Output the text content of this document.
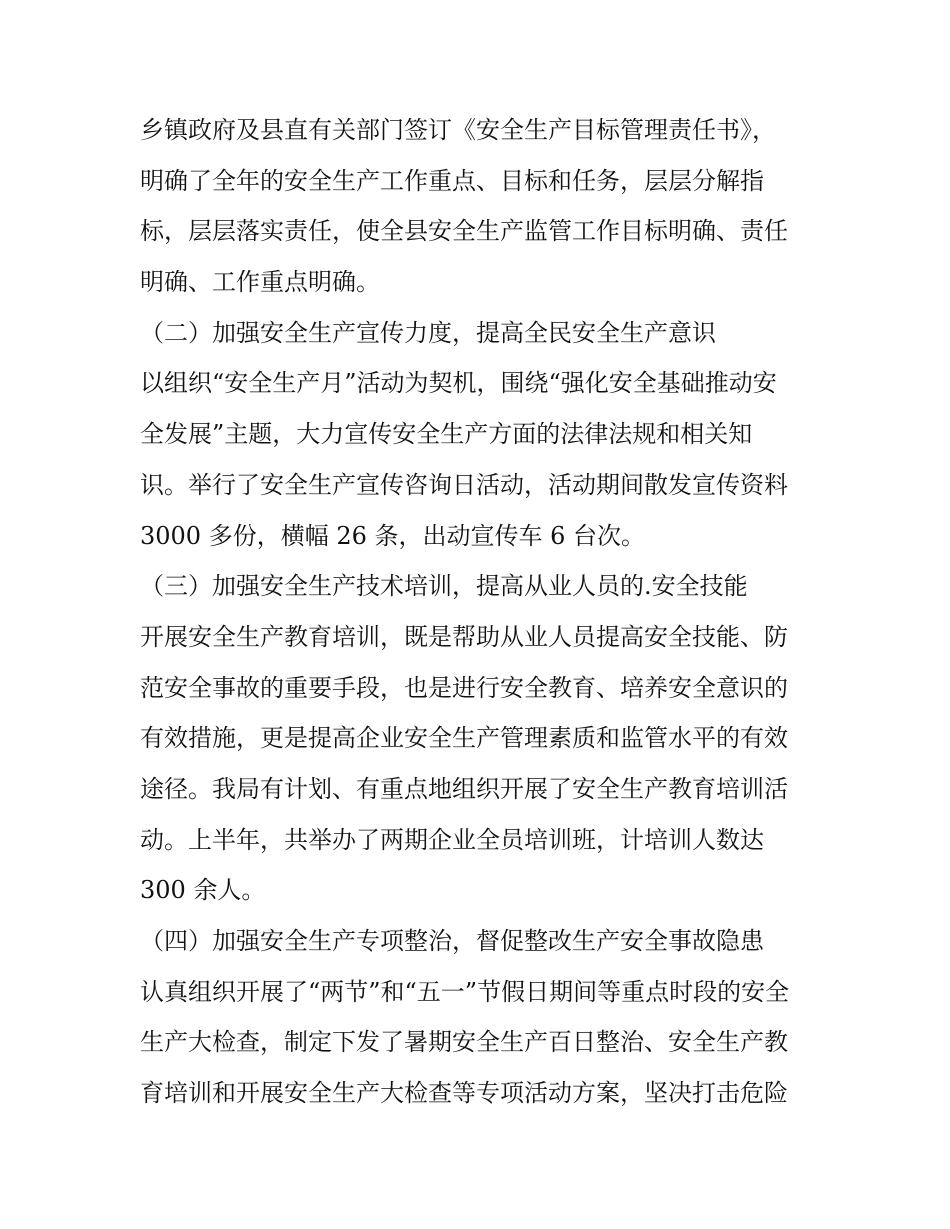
乡镇政府及县直有关部门签订《安全生产目标管理责任书》，
明确了全年的安全生产工作重点、目标和任务，层层分解指
标，层层落实责任，使全县安全生产监管工作目标明确、责任
明确、工作重点明确。
（二）加强安全生产宣传力度，提高全民安全生产意识
以组织“安全生产月”活动为契机，围绕“强化安全基础推动安
全发展”主题，大力宣传安全生产方面的法律法规和相关知
识。举行了安全生产宣传咨询日活动，活动期间散发宣传资料
3000 多份，横幅 26 条，出动宣传车 6 台次。
（三）加强安全生产技术培训，提高从业人员的.安全技能
开展安全生产教育培训，既是帮助从业人员提高安全技能、防
范安全事故的重要手段，也是进行安全教育、培养安全意识的
有效措施，更是提高企业安全生产管理素质和监管水平的有效
途径。我局有计划、有重点地组织开展了安全生产教育培训活
动。上半年，共举办了两期企业全员培训班，计培训人数达
300 余人。
（四）加强安全生产专项整治，督促整改生产安全事故隐患
认真组织开展了“两节”和“五一”节假日期间等重点时段的安全
生产大检查，制定下发了暑期安全生产百日整治、安全生产教
育培训和开展安全生产大检查等专项活动方案，坚决打击危险
